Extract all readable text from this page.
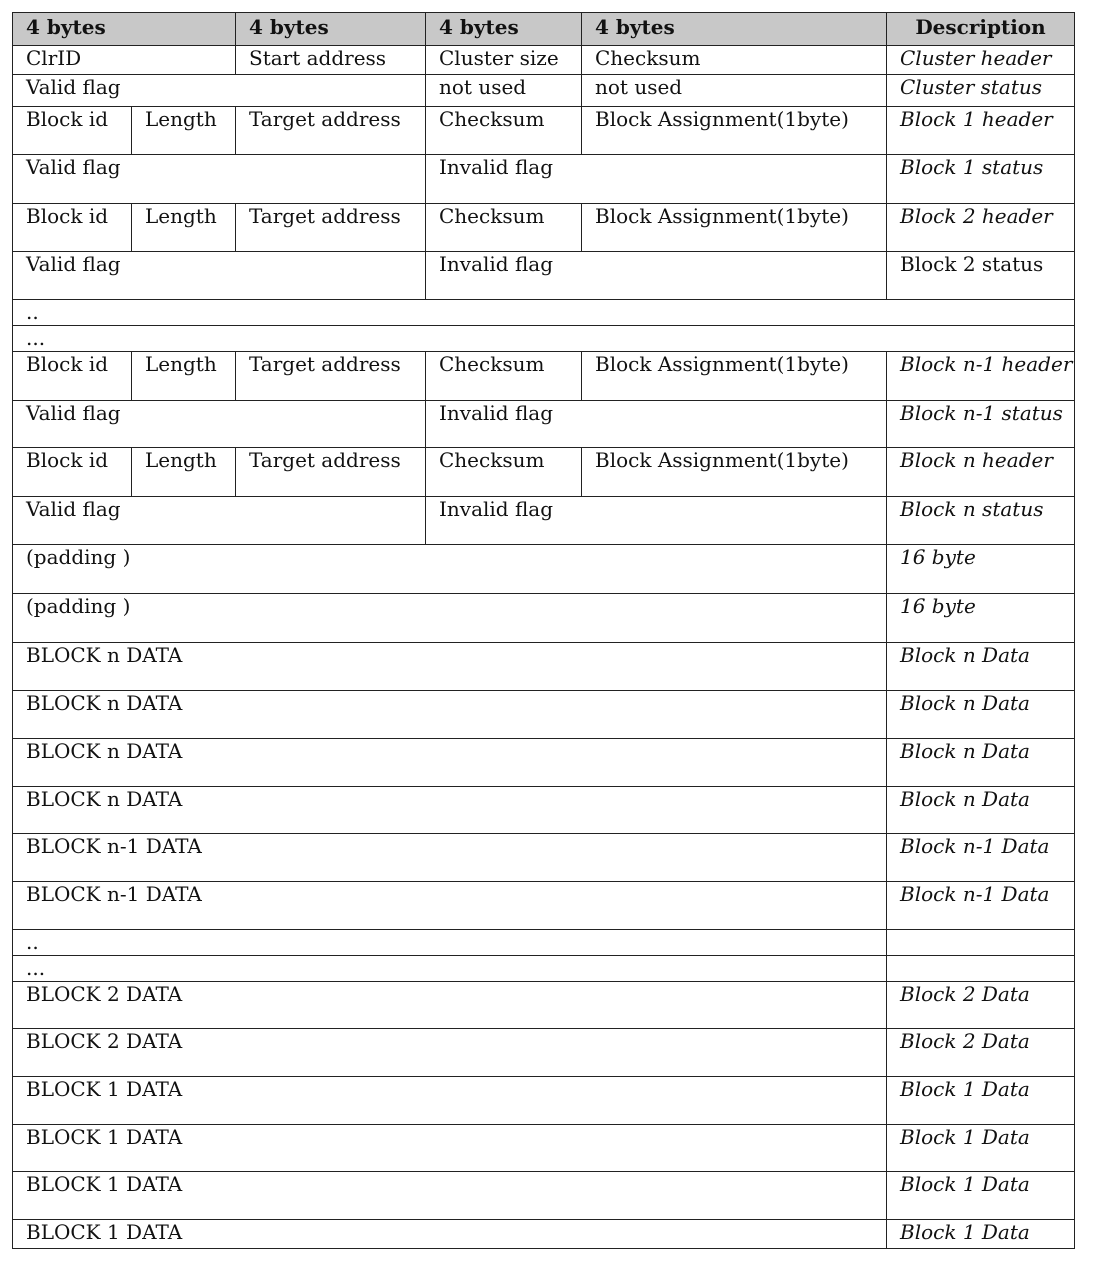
4 bytes		4 bytes	4 bytes	4 bytes	Description
ClrID		Start address	Cluster size	Checksum	Cluster header
Valid flag			not used	not used	Cluster status
Block id	Length	Target address	Checksum	Block Assignment(1byte)	Block 1 header
Valid flag			Invalid flag		Block 1 status
Block id	Length	Target address	Checksum	Block Assignment(1byte)	Block 2 header
Valid flag			Invalid flag		Block 2 status
..					
...					
Block id	Length	Target address	Checksum	Block Assignment(1byte)	Block n-1 header
Valid flag			Invalid flag		Block n-1 status
Block id	Length	Target address	Checksum	Block Assignment(1byte)	Block n header
Valid flag			Invalid flag		Block n status
(padding )					16 byte
(padding )					16 byte
BLOCK n DATA					Block n Data
BLOCK n DATA					Block n Data
BLOCK n DATA					Block n Data
BLOCK n DATA					Block n Data
BLOCK n-1 DATA					Block n-1 Data
BLOCK n-1 DATA					Block n-1 Data
..					
...					
BLOCK 2 DATA					Block 2 Data
BLOCK 2 DATA					Block 2 Data
BLOCK 1 DATA					Block 1 Data
BLOCK 1 DATA					Block 1 Data
BLOCK 1 DATA					Block 1 Data
BLOCK 1 DATA					Block 1 Data
